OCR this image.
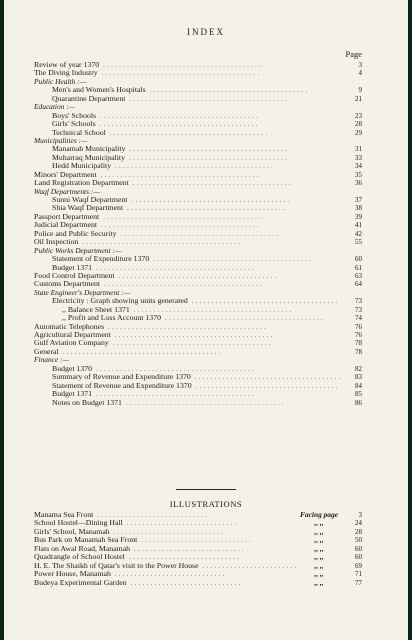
INDEX
Page
Review of year 1370 . .	3
The Diving Industry . .	4
Public Health :—
Men's and Women's Hospitals . .	9
Quarantine Department . .	21
Education :—
Boys' Schools . .	23
Girls' Schools . .	28
Technical School . .	29
Municipalities :—
Manamah Municipality . .	31
Muharraq Municipality . .	33
Hedd Municipality . .	34
Minors' Department . .	35
Land Registration Department . .	36
Waqf Departments :—
Sunni Waqf Department . .	37
Shia Waqf Department . .	38
Passport Department . .	39
Judicial Department . .	41
Police and Public Security . .	42
Oil Inspection . .	55
Public Works Department :—
Statement of Expenditure 1370 . .	60
Budget 1371 . .	61
Food Control Department . .	63
Customs Department . .	64
State Engineer's Department :—
Electricity : Graph showing units generated . .	73
,, Balance Sheet 1371 . .	73
,, Profit and Loss Account 1370 . .	74
Automatic Telephones . .	76
Agricultural Department . .	76
Gulf Aviation Company . .	78
General . .	78
Finance :—
Budget 1370 . .	82
Summary of Revenue and Expenditure 1370 . .	83
Statement of Revenue and Expenditure 1370 . .	84
Budget 1371 . .	85
Notes on Budget 1371 . .	86
ILLUSTRATIONS
Manama Sea Front . .	Facing page	3
School Hostel—Dining Hall . .	,, ,,	24
Girls' School, Manamah . .	,, ,,	28
Bus Park on Manamah Sea Front . .	,, ,,	50
Flats on Awal Road, Manamah . .	,, ,,	60
Quadrangle of School Hostel . .	,, ,,	60
H. E. The Shaikh of Qatar's visit to the Power House . .	,, ,,	69
Power House, Manamah . .	,, ,,	71
Budeya Experimental Garden . .	,, ,,	77
